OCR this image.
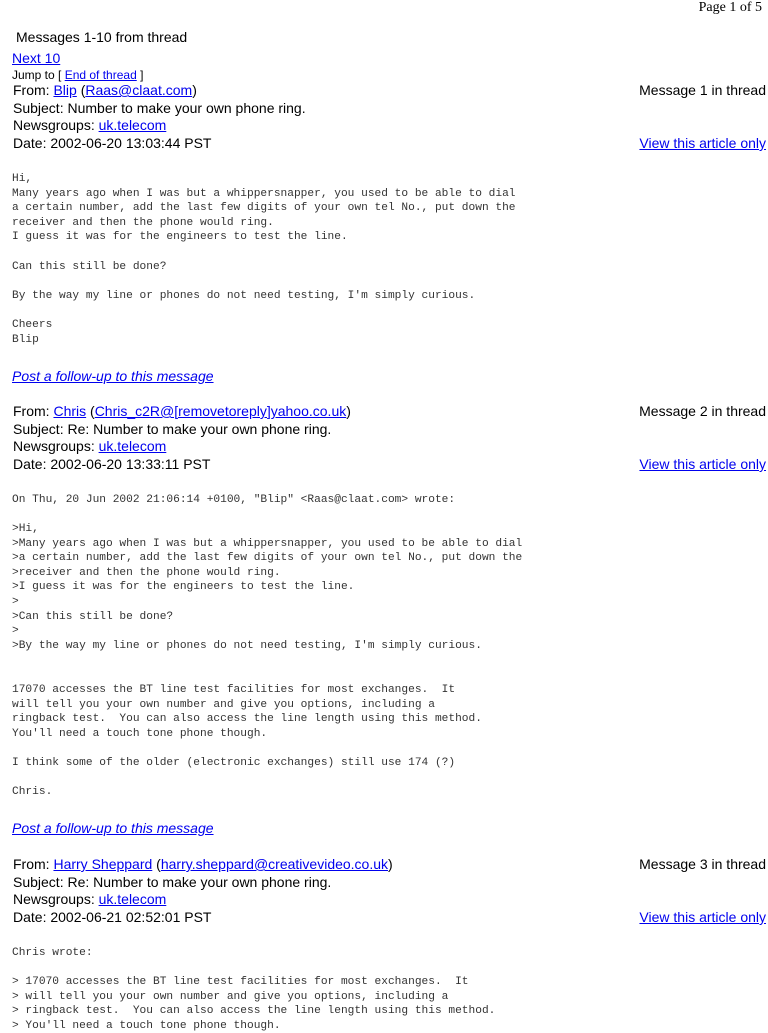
Page 1 of 5
Messages 1-10 from thread
Next 10
Jump to [ End of thread ]
From: Blip (Raas@claat.com)
Subject: Number to make your own phone ring.
Newsgroups: uk.telecom
Date: 2002-06-20 13:03:44 PST
Message 1 in thread
View this article only
Hi,
Many years ago when I was but a whippersnapper, you used to be able to dial
a certain number, add the last few digits of your own tel No., put down the
receiver and then the phone would ring.
I guess it was for the engineers to test the line.

Can this still be done?

By the way my line or phones do not need testing, I'm simply curious.

Cheers
Blip
Post a follow-up to this message
From: Chris (Chris_c2R@[removetoreply]yahoo.co.uk)
Subject: Re: Number to make your own phone ring.
Newsgroups: uk.telecom
Date: 2002-06-20 13:33:11 PST
Message 2 in thread
View this article only
On Thu, 20 Jun 2002 21:06:14 +0100, "Blip" <Raas@claat.com> wrote:
>Hi,
>Many years ago when I was but a whippersnapper, you used to be able to dial
>a certain number, add the last few digits of your own tel No., put down the
>receiver and then the phone would ring.
>I guess it was for the engineers to test the line.
>
>Can this still be done?
>
>By the way my line or phones do not need testing, I'm simply curious.
17070 accesses the BT line test facilities for most exchanges.  It
will tell you your own number and give you options, including a
ringback test.  You can also access the line length using this method.
You'll need a touch tone phone though.

I think some of the older (electronic exchanges) still use 174 (?)

Chris.
Post a follow-up to this message
From: Harry Sheppard (harry.sheppard@creativevideo.co.uk)
Subject: Re: Number to make your own phone ring.
Newsgroups: uk.telecom
Date: 2002-06-21 02:52:01 PST
Message 3 in thread
View this article only
Chris wrote:
> 17070 accesses the BT line test facilities for most exchanges.  It
> will tell you your own number and give you options, including a
> ringback test.  You can also access the line length using this method.
> You'll need a touch tone phone though.
